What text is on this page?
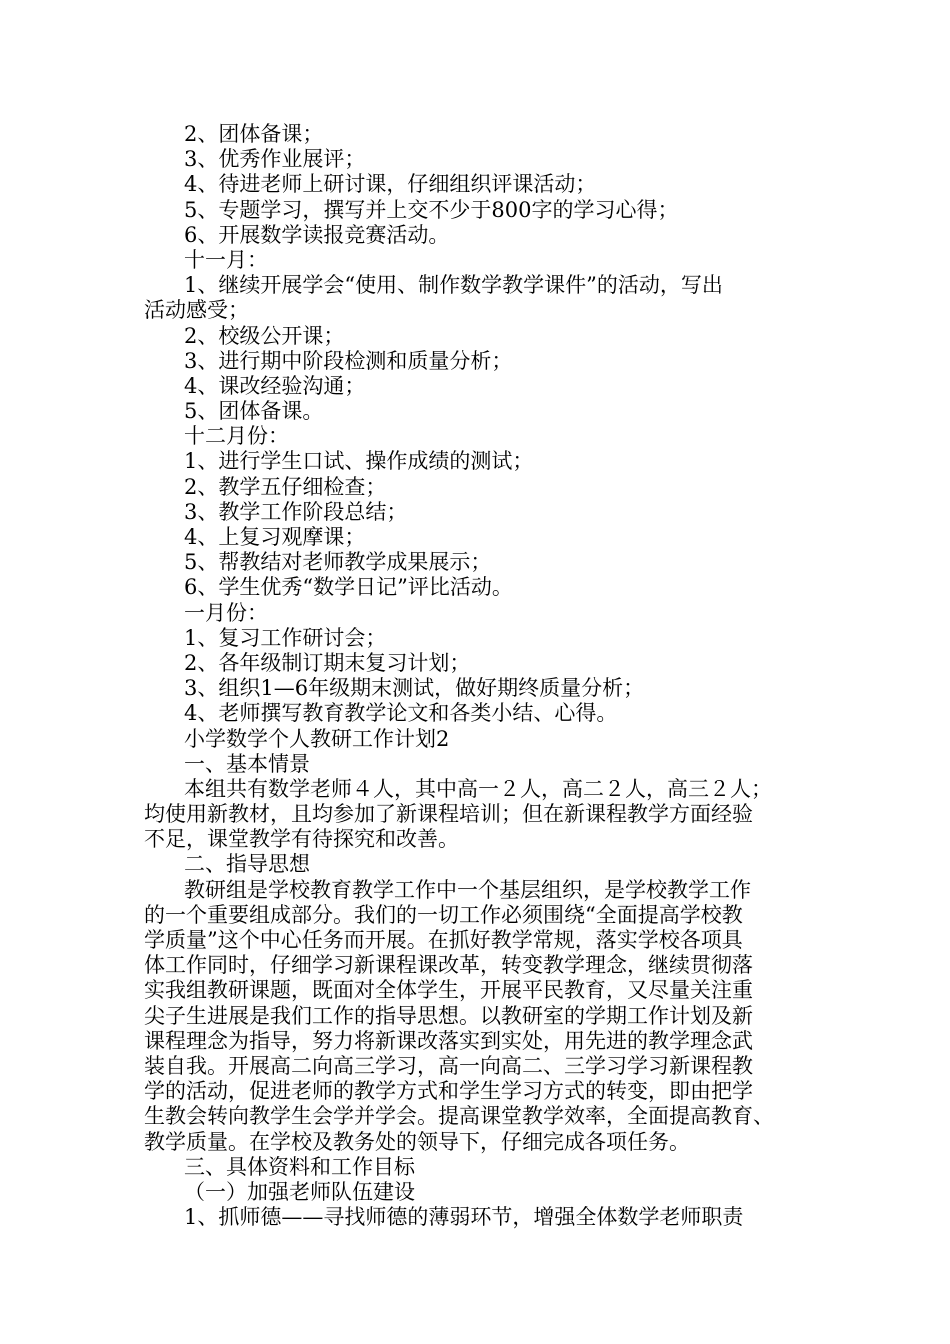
2、团体备课；
3、优秀作业展评；
4、待进老师上研讨课，仔细组织评课活动；
5、专题学习，撰写并上交不少于800字的学习心得；
6、开展数学读报竞赛活动。
十一月：
1、继续开展学会“使用、制作数学教学课件”的活动，写出
活动感受；
2、校级公开课；
3、进行期中阶段检测和质量分析；
4、课改经验沟通；
5、团体备课。
十二月份：
1、进行学生口试、操作成绩的测试；
2、教学五仔细检查；
3、教学工作阶段总结；
4、上复习观摩课；
5、帮教结对老师教学成果展示；
6、学生优秀“数学日记”评比活动。
一月份：
1、复习工作研讨会；
2、各年级制订期末复习计划；
3、组织1—6年级期末测试，做好期终质量分析；
4、老师撰写教育教学论文和各类小结、心得。
小学数学个人教研工作计划2
一、基本情景
本组共有数学老师４人，其中高一２人，高二２人，高三２人；
均使用新教材，且均参加了新课程培训；但在新课程教学方面经验
不足，课堂教学有待探究和改善。
二、指导思想
教研组是学校教育教学工作中一个基层组织，是学校教学工作
的一个重要组成部分。我们的一切工作必须围绕“全面提高学校教
学质量”这个中心任务而开展。在抓好教学常规，落实学校各项具
体工作同时，仔细学习新课程课改革，转变教学理念，继续贯彻落
实我组教研课题，既面对全体学生，开展平民教育，又尽量关注重
尖子生进展是我们工作的指导思想。以教研室的学期工作计划及新
课程理念为指导，努力将新课改落实到实处，用先进的教学理念武
装自我。开展高二向高三学习，高一向高二、三学习学习新课程教
学的活动，促进老师的教学方式和学生学习方式的转变，即由把学
生教会转向教学生会学并学会。提高课堂教学效率，全面提高教育、
教学质量。在学校及教务处的领导下，仔细完成各项任务。
三、具体资料和工作目标
（一）加强老师队伍建设
1、抓师德——寻找师德的薄弱环节，增强全体数学老师职责
